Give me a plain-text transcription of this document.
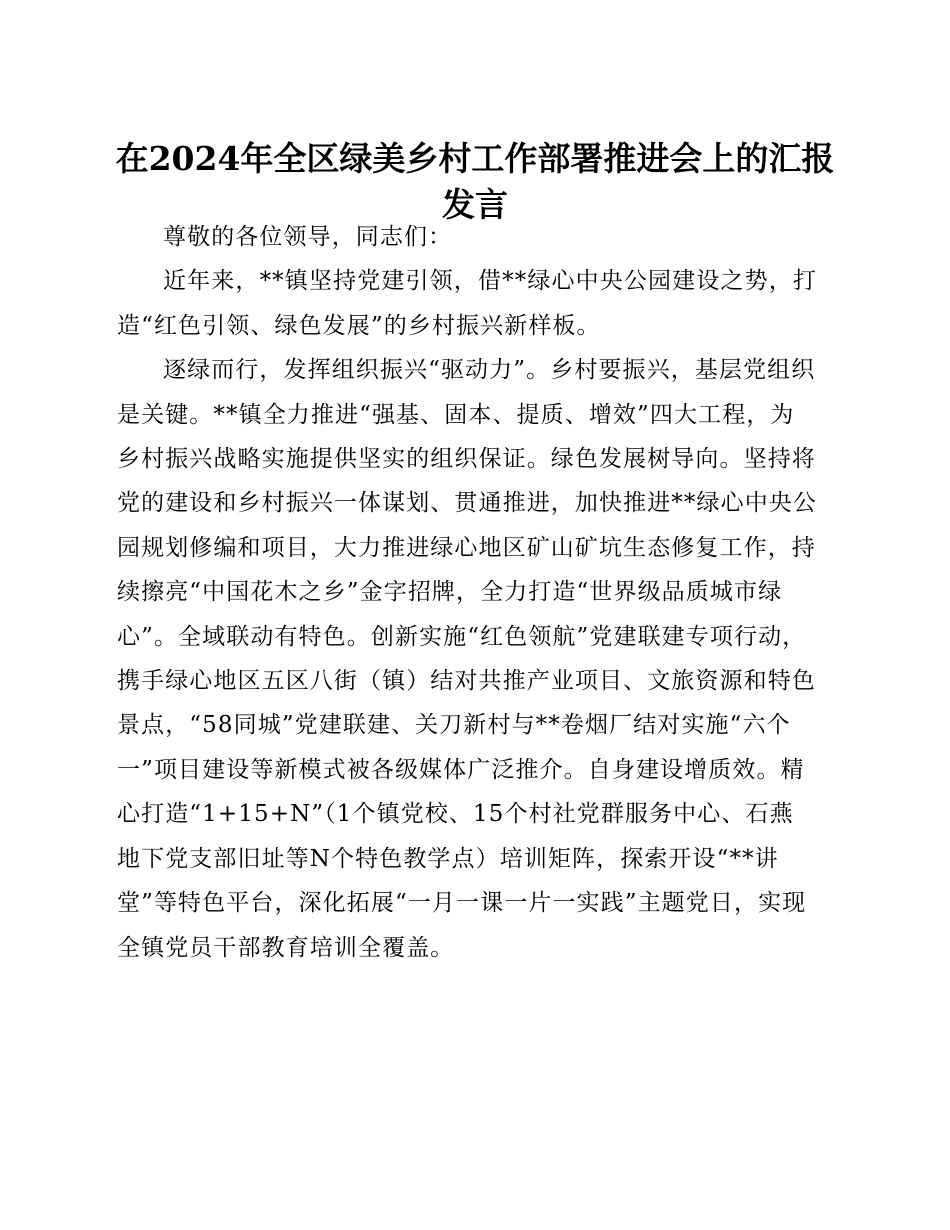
在2024年全区绿美乡村工作部署推进会上的汇报发言

尊敬的各位领导，同志们：

近年来，**镇坚持党建引领，借**绿心中央公园建设之势，打造“红色引领、绿色发展”的乡村振兴新样板。

逐绿而行，发挥组织振兴“驱动力”。乡村要振兴，基层党组织是关键。**镇全力推进“强基、固本、提质、增效”四大工程，为乡村振兴战略实施提供坚实的组织保证。绿色发展树导向。坚持将党的建设和乡村振兴一体谋划、贯通推进，加快推进**绿心中央公园规划修编和项目，大力推进绿心地区矿山矿坑生态修复工作，持续擦亮“中国花木之乡”金字招牌，全力打造“世界级品质城市绿心”。全域联动有特色。创新实施“红色领航”党建联建专项行动，携手绿心地区五区八街（镇）结对共推产业项目、文旅资源和特色景点，“58同城”党建联建、关刀新村与**卷烟厂结对实施“六个一”项目建设等新模式被各级媒体广泛推介。自身建设增质效。精心打造“1+15+N”（1个镇党校、15个村社党群服务中心、石燕地下党支部旧址等N个特色教学点）培训矩阵，探索开设“**讲堂”等特色平台，深化拓展“一月一课一片一实践”主题党日，实现全镇党员干部教育培训全覆盖。
